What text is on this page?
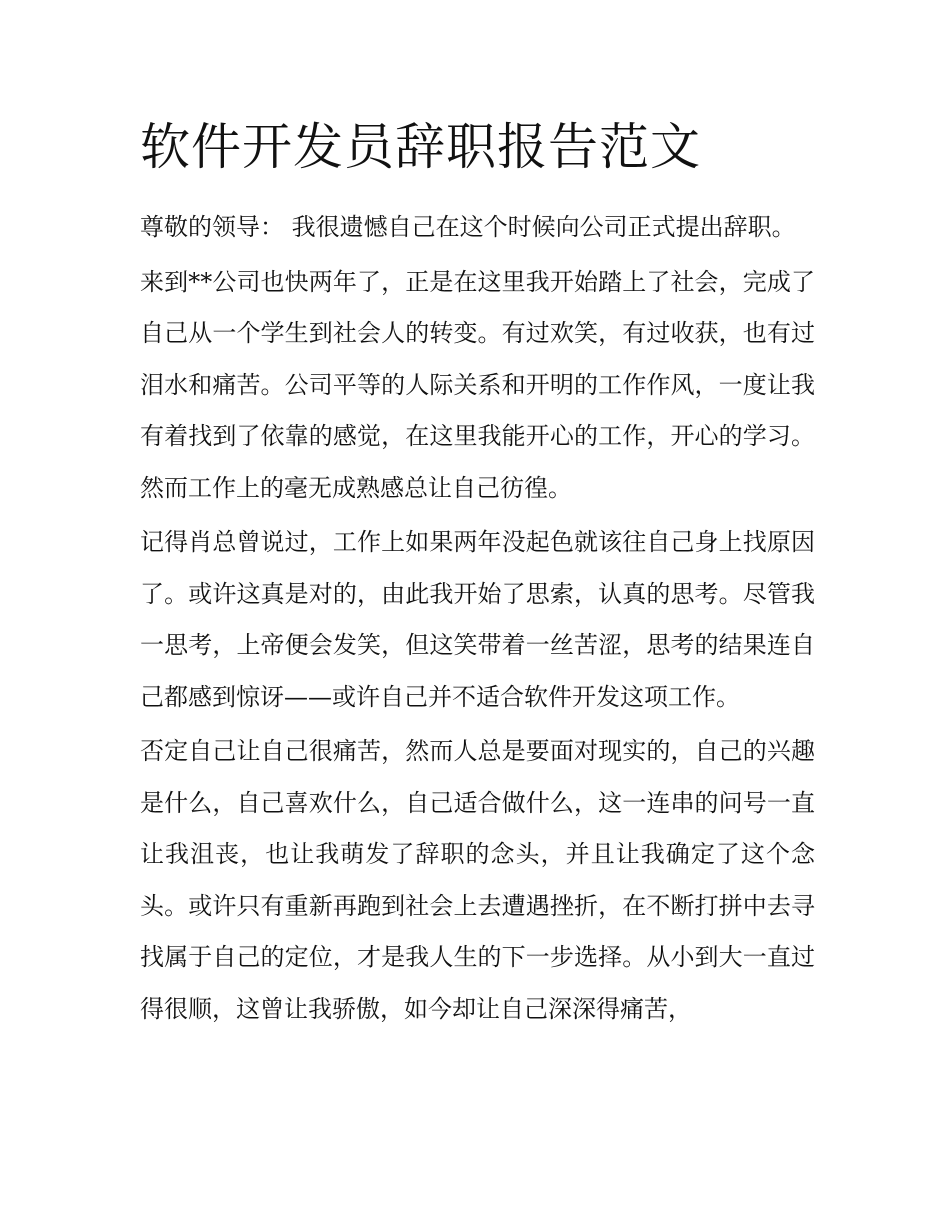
软件开发员辞职报告范文

尊敬的领导： 我很遗憾自己在这个时候向公司正式提出辞职。

来到**公司也快两年了，正是在这里我开始踏上了社会，完成了自己从一个学生到社会人的转变。有过欢笑，有过收获，也有过泪水和痛苦。公司平等的人际关系和开明的工作作风，一度让我有着找到了依靠的感觉，在这里我能开心的工作，开心的学习。然而工作上的毫无成熟感总让自己彷徨。

记得肖总曾说过，工作上如果两年没起色就该往自己身上找原因了。或许这真是对的，由此我开始了思索，认真的思考。尽管我一思考，上帝便会发笑，但这笑带着一丝苦涩，思考的结果连自己都感到惊讶——或许自己并不适合软件开发这项工作。

否定自己让自己很痛苦，然而人总是要面对现实的，自己的兴趣是什么，自己喜欢什么，自己适合做什么，这一连串的问号一直让我沮丧，也让我萌发了辞职的念头，并且让我确定了这个念头。或许只有重新再跑到社会上去遭遇挫折，在不断打拼中去寻找属于自己的定位，才是我人生的下一步选择。从小到大一直过得很顺，这曾让我骄傲，如今却让自己深深得痛苦，
